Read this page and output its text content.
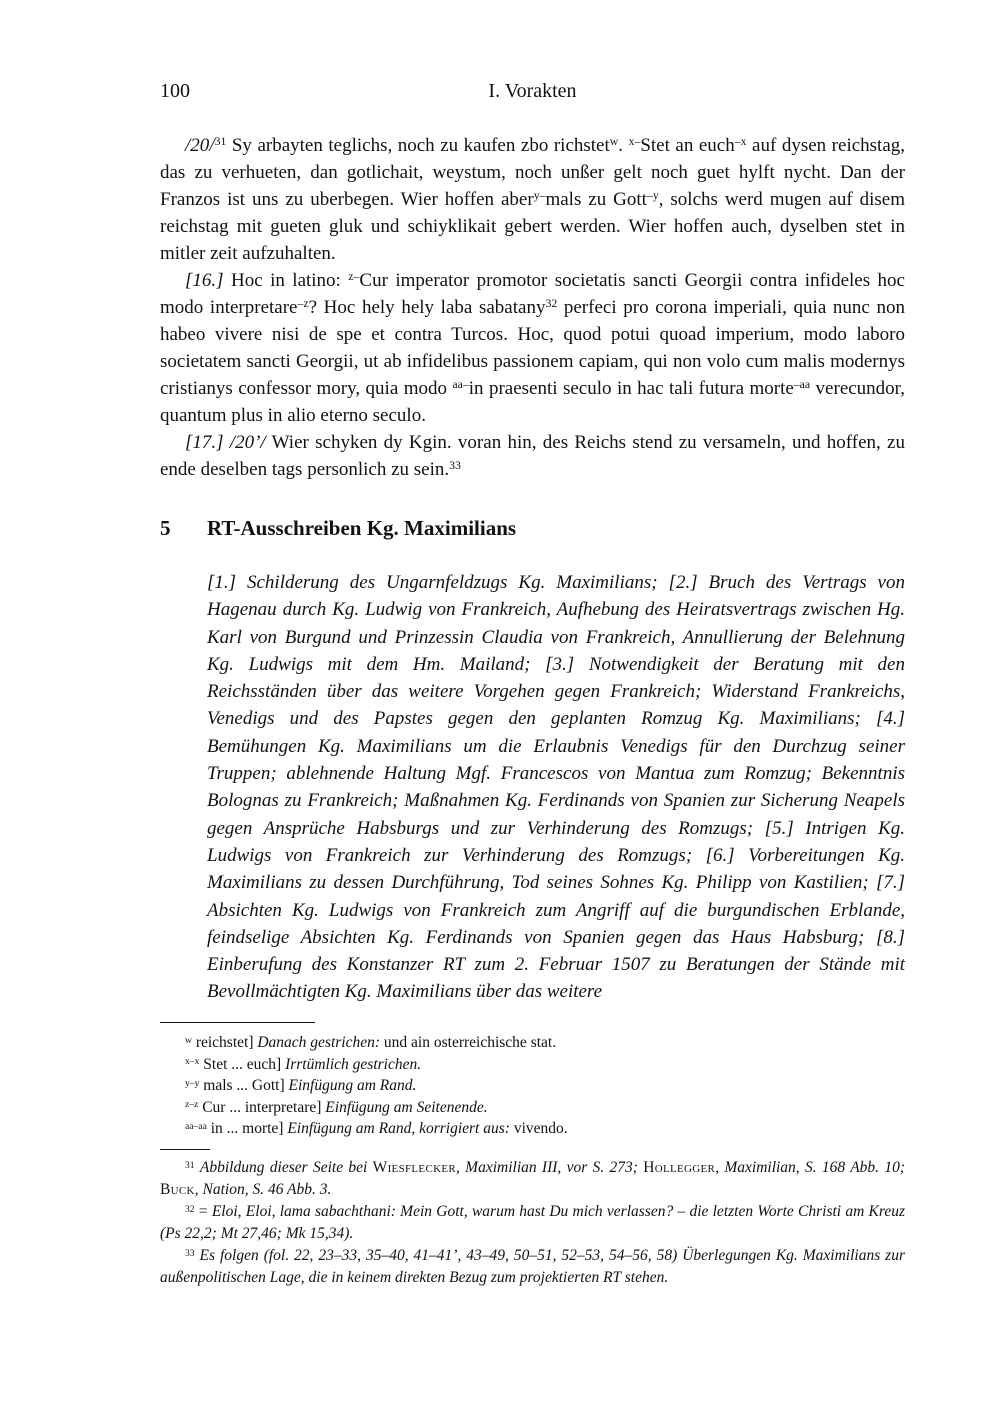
100	I. Vorakten

/20/$^{31}$ Sy arbayten teglichs, noch zu kaufen zbo richstet$^w$. $^{x-}$Stet an euch$^{-x}$ auf dysen reichstag, das zu verhueten, dan gotlichait, weystum, noch unßer gelt noch guet hylft nycht. Dan der Franzos ist uns zu uberbegen. Wier hoffen aber$^{y-}$mals zu Gott$^{-y}$, solchs werd mugen auf disem reichstag mit gueten gluk und schiyklikait gebert werden. Wier hoffen auch, dyselben stet in mitler zeit aufzuhalten.

[16.] Hoc in latino: $^{z-}$Cur imperator promotor societatis sancti Georgii contra infideles hoc modo interpretare$^{-z}$? Hoc hely hely laba sabatany$^{32}$ perfeci pro corona imperiali, quia nunc non habeo vivere nisi de spe et contra Turcos. Hoc, quod potui quoad imperium, modo laboro societatem sancti Georgii, ut ab infidelibus passionem capiam, qui non volo cum malis modernys cristianys confessor mory, quia modo $^{aa-}$in praesenti seculo in hac tali futura morte$^{-aa}$ verecundor, quantum plus in alio eterno seculo.

[17.] /20’/ Wier schyken dy Kgin. voran hin, des Reichs stend zu versameln, und hoffen, zu ende deselben tags personlich zu sein.$^{33}$

5	RT-Ausschreiben Kg. Maximilians

[1.] Schilderung des Ungarnfeldzugs Kg. Maximilians; [2.] Bruch des Vertrags von Hagenau durch Kg. Ludwig von Frankreich, Aufhebung des Heiratsvertrags zwischen Hg. Karl von Burgund und Prinzessin Claudia von Frankreich, Annullierung der Belehnung Kg. Ludwigs mit dem Hm. Mailand; [3.] Notwendigkeit der Beratung mit den Reichsständen über das weitere Vorgehen gegen Frankreich; Widerstand Frankreichs, Venedigs und des Papstes gegen den geplanten Romzug Kg. Maximilians; [4.] Bemühungen Kg. Maximilians um die Erlaubnis Venedigs für den Durchzug seiner Truppen; ablehnende Haltung Mgf. Francescos von Mantua zum Romzug; Bekenntnis Bolognas zu Frankreich; Maßnahmen Kg. Ferdinands von Spanien zur Sicherung Neapels gegen Ansprüche Habsburgs und zur Verhinderung des Romzugs; [5.] Intrigen Kg. Ludwigs von Frankreich zur Verhinderung des Romzugs; [6.] Vorbereitungen Kg. Maximilians zu dessen Durchführung, Tod seines Sohnes Kg. Philipp von Kastilien; [7.] Absichten Kg. Ludwigs von Frankreich zum Angriff auf die burgundischen Erblande, feindselige Absichten Kg. Ferdinands von Spanien gegen das Haus Habsburg; [8.] Einberufung des Konstanzer RT zum 2. Februar 1507 zu Beratungen der Stände mit Bevollmächtigten Kg. Maximilians über das weitere

$^w$ reichstet] Danach gestrichen: und ain osterreichische stat.

$^{x-x}$ Stet ... euch] Irrtümlich gestrichen.

$^{y-y}$ mals ... Gott] Einfügung am Rand.

$^{z-z}$ Cur ... interpretare] Einfügung am Seitenende.

$^{aa-aa}$ in ... morte] Einfügung am Rand, korrigiert aus: vivendo.

$^{31}$ Abbildung dieser Seite bei Wiesflecker, Maximilian III, vor S. 273; Hollegger, Maximilian, S. 168 Abb. 10; Buck, Nation, S. 46 Abb. 3.

$^{32}$ = Eloi, Eloi, lama sabachthani: Mein Gott, warum hast Du mich verlassen? – die letzten Worte Christi am Kreuz (Ps 22,2; Mt 27,46; Mk 15,34).

$^{33}$ Es folgen (fol. 22, 23–33, 35–40, 41–41’, 43–49, 50–51, 52–53, 54–56, 58) Überlegungen Kg. Maximilians zur außenpolitischen Lage, die in keinem direkten Bezug zum projektierten RT stehen.
